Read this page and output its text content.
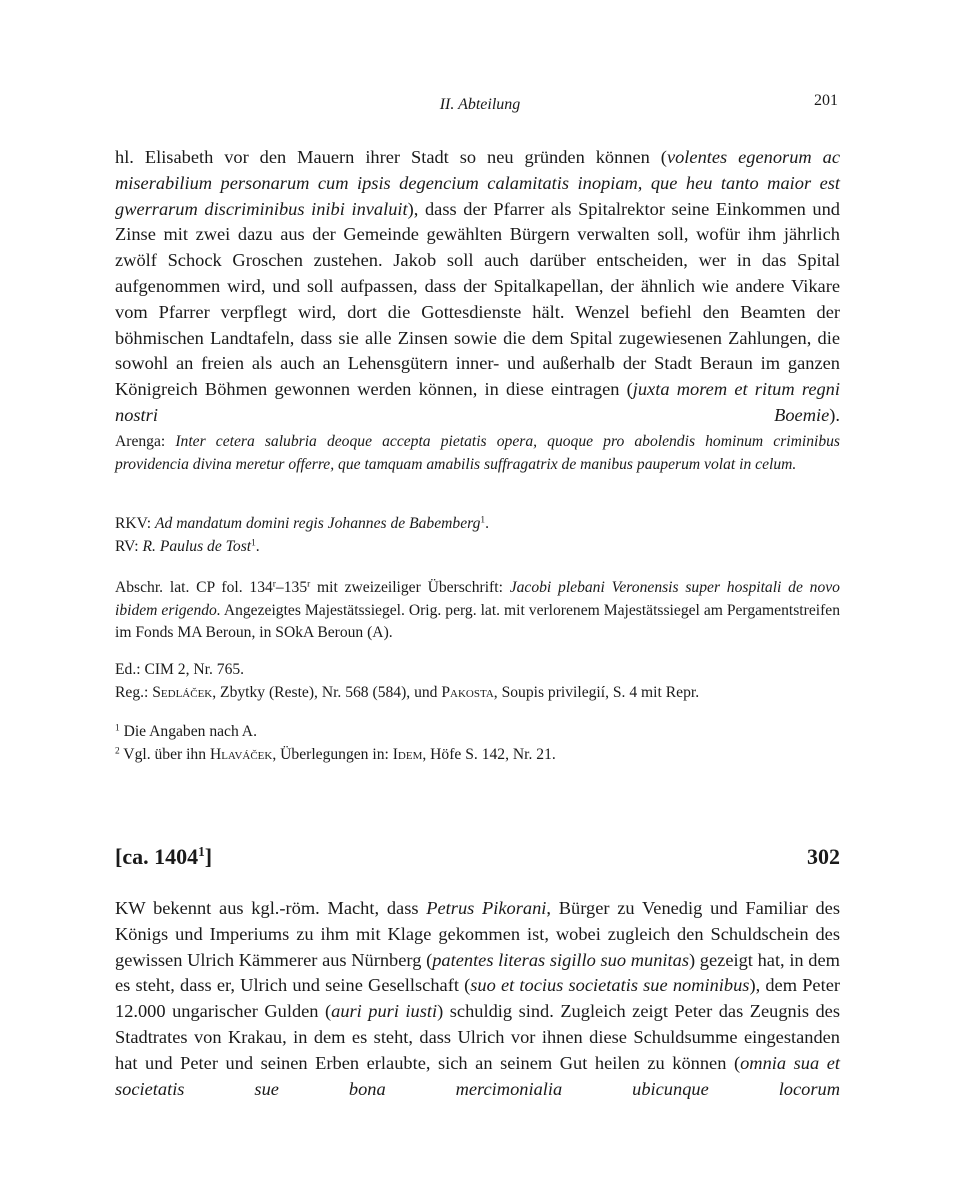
II. Abteilung	201

hl. Elisabeth vor den Mauern ihrer Stadt so neu gründen können (volentes egenorum ac miserabilium personarum cum ipsis degencium calamitatis inopiam, que heu tanto maior est gwerrarum discriminibus inibi invaluit), dass der Pfarrer als Spitalrektor seine Einkommen und Zinse mit zwei dazu aus der Gemeinde gewählten Bürgern verwalten soll, wofür ihm jährlich zwölf Schock Groschen zustehen. Jakob soll auch darüber entscheiden, wer in das Spital aufgenommen wird, und soll aufpassen, dass der Spitalkapellan, der ähnlich wie andere Vikare vom Pfarrer verpflegt wird, dort die Gottesdienste hält. Wenzel befiehl den Beamten der böhmischen Landtafeln, dass sie alle Zinsen sowie die dem Spital zugewiesenen Zahlungen, die sowohl an freien als auch an Lehensgütern inner- und außerhalb der Stadt Beraun im ganzen Königreich Böhmen gewonnen werden können, in diese eintragen (juxta morem et ritum regni nostri Boemie).

Arenga: Inter cetera salubria deoque accepta pietatis opera, quoque pro abolendis hominum criminibus providencia divina meretur offerre, que tamquam amabilis suffragatrix de manibus pauperum volat in celum.

RKV: Ad mandatum domini regis Johannes de Babemberg$^1$.

RV: R. Paulus de Tost$^1$.

Abschr. lat. CP fol. 134$^r$–135$^r$ mit zweizeiliger Überschrift: Jacobi plebani Veronensis super hospitali de novo ibidem erigendo. Angezeigtes Majestätssiegel. Orig. perg. lat. mit verlorenem Majestätssiegel am Pergamentstreifen im Fonds MA Beroun, in SOkA Beroun (A).

Ed.: CIM 2, Nr. 765.

Reg.: Sedláček, Zbytky (Reste), Nr. 568 (584), und Pakosta, Soupis privilegií, S. 4 mit Repr.

$^1$ Die Angaben nach A.

$^2$ Vgl. über ihn Hlaváček, Überlegungen in: Idem, Höfe S. 142, Nr. 21.

[ca. 1404$^1$]	302

KW bekennt aus kgl.-röm. Macht, dass Petrus Pikorani, Bürger zu Venedig und Familiar des Königs und Imperiums zu ihm mit Klage gekommen ist, wobei zugleich den Schuldschein des gewissen Ulrich Kämmerer aus Nürnberg (patentes literas sigillo suo munitas) gezeigt hat, in dem es steht, dass er, Ulrich und seine Gesellschaft (suo et tocius societatis sue nominibus), dem Peter 12.000 ungarischer Gulden (auri puri iusti) schuldig sind. Zugleich zeigt Peter das Zeugnis des Stadtrates von Krakau, in dem es steht, dass Ulrich vor ihnen diese Schuldsumme eingestanden hat und Peter und seinen Erben erlaubte, sich an seinem Gut heilen zu können (omnia sua et societatis sue bona mercimonialia ubicunque locorum
